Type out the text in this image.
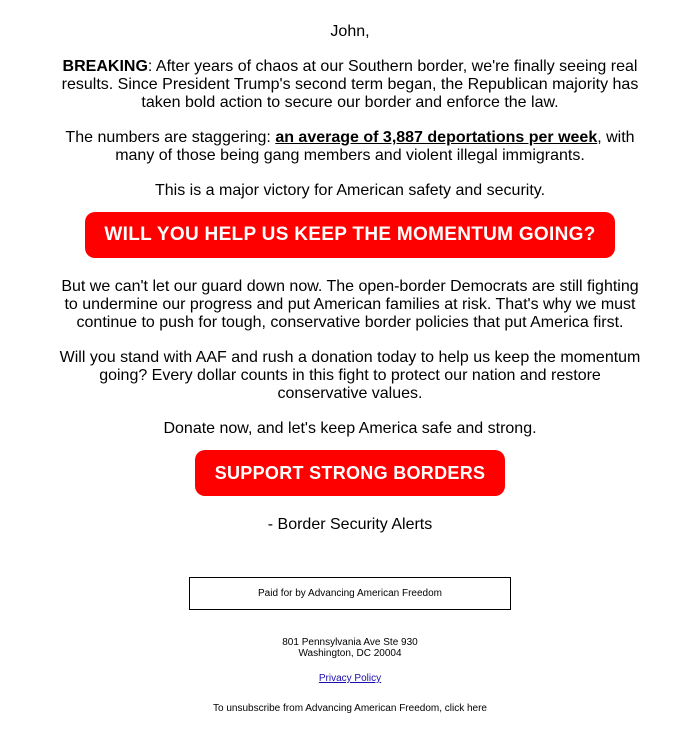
John,

BREAKING: After years of chaos at our Southern border, we're finally seeing real results. Since President Trump's second term began, the Republican majority has taken bold action to secure our border and enforce the law.

The numbers are staggering: an average of 3,887 deportations per week, with many of those being gang members and violent illegal immigrants.

This is a major victory for American safety and security.

WILL YOU HELP US KEEP THE MOMENTUM GOING?

But we can't let our guard down now. The open-border Democrats are still fighting to undermine our progress and put American families at risk. That's why we must continue to push for tough, conservative border policies that put America first.

Will you stand with AAF and rush a donation today to help us keep the momentum going? Every dollar counts in this fight to protect our nation and restore conservative values.

Donate now, and let's keep America safe and strong.

SUPPORT STRONG BORDERS

- Border Security Alerts

Paid for by Advancing American Freedom
801 Pennsylvania Ave Ste 930
Washington, DC 20004
Privacy Policy
To unsubscribe from Advancing American Freedom, click here
